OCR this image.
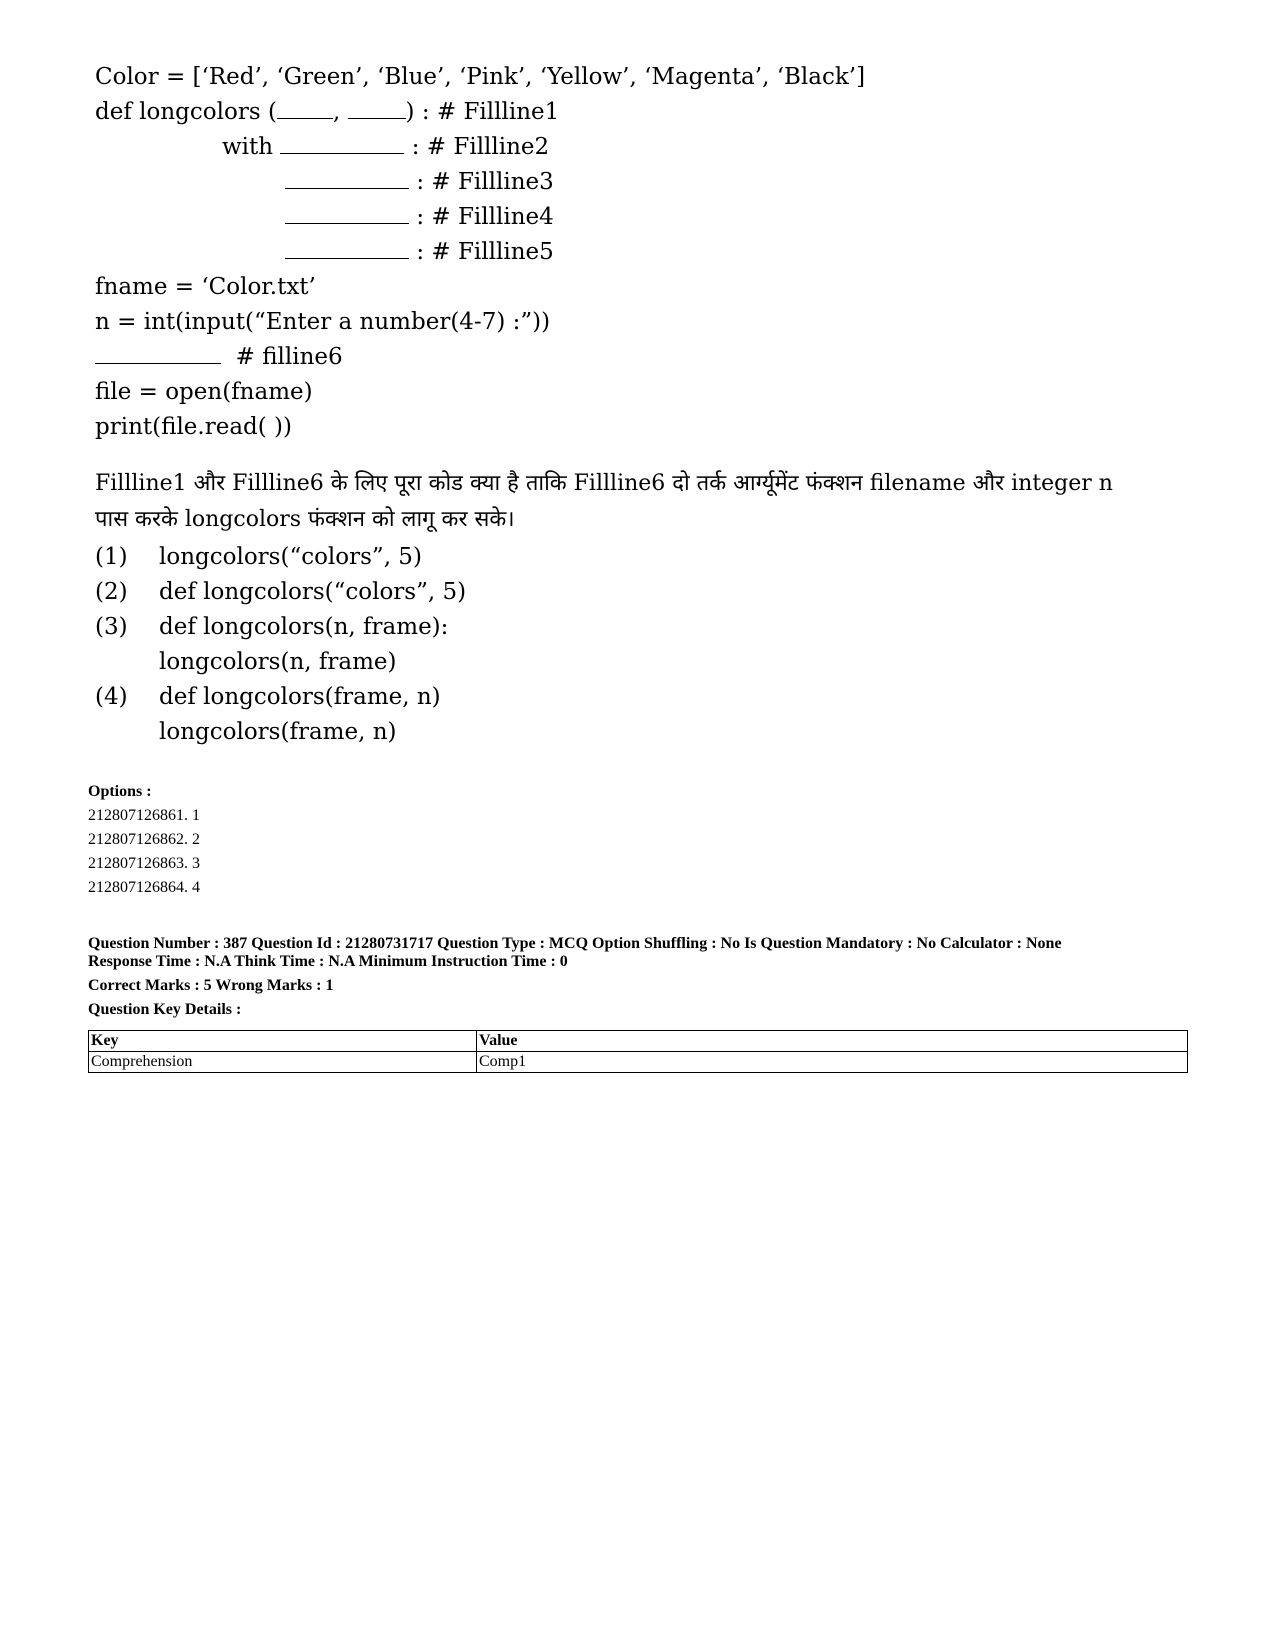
Color = [‘Red’, ‘Green’, ‘Blue’, ‘Pink’, ‘Yellow’, ‘Magenta’, ‘Black’]
def longcolors ( ,	) : # Fillline1
with	: # Fillline2
: # Fillline3
: # Fillline4
: # Fillline5
fname = ‘Color.txt’
n = int(input(“Enter a number(4-7) :”))
# filline6
file = open(fname)
print(file.read( ))
Fillline1 और Fillline6 के लिए पूरा कोड क्या है ताकि Fillline6 दो तर्क आर्ग्यूमेंट फंक्शन filename और integer n
पास करके longcolors फंक्शन को लागू कर सके।
(1) longcolors(“colors”, 5)
(2) def longcolors(“colors”, 5)
(3) def longcolors(n, frame):
longcolors(n, frame)
(4) def longcolors(frame, n)
longcolors(frame, n)
Options :
212807126861. 1
212807126862. 2
212807126863. 3
212807126864. 4
Question Number : 387 Question Id : 21280731717 Question Type : MCQ Option Shuffling : No Is Question Mandatory : No Calculator : None
Response Time : N.A Think Time : N.A Minimum Instruction Time : 0
Correct Marks : 5 Wrong Marks : 1
Question Key Details :
Key	Value
Comprehension	Comp1
